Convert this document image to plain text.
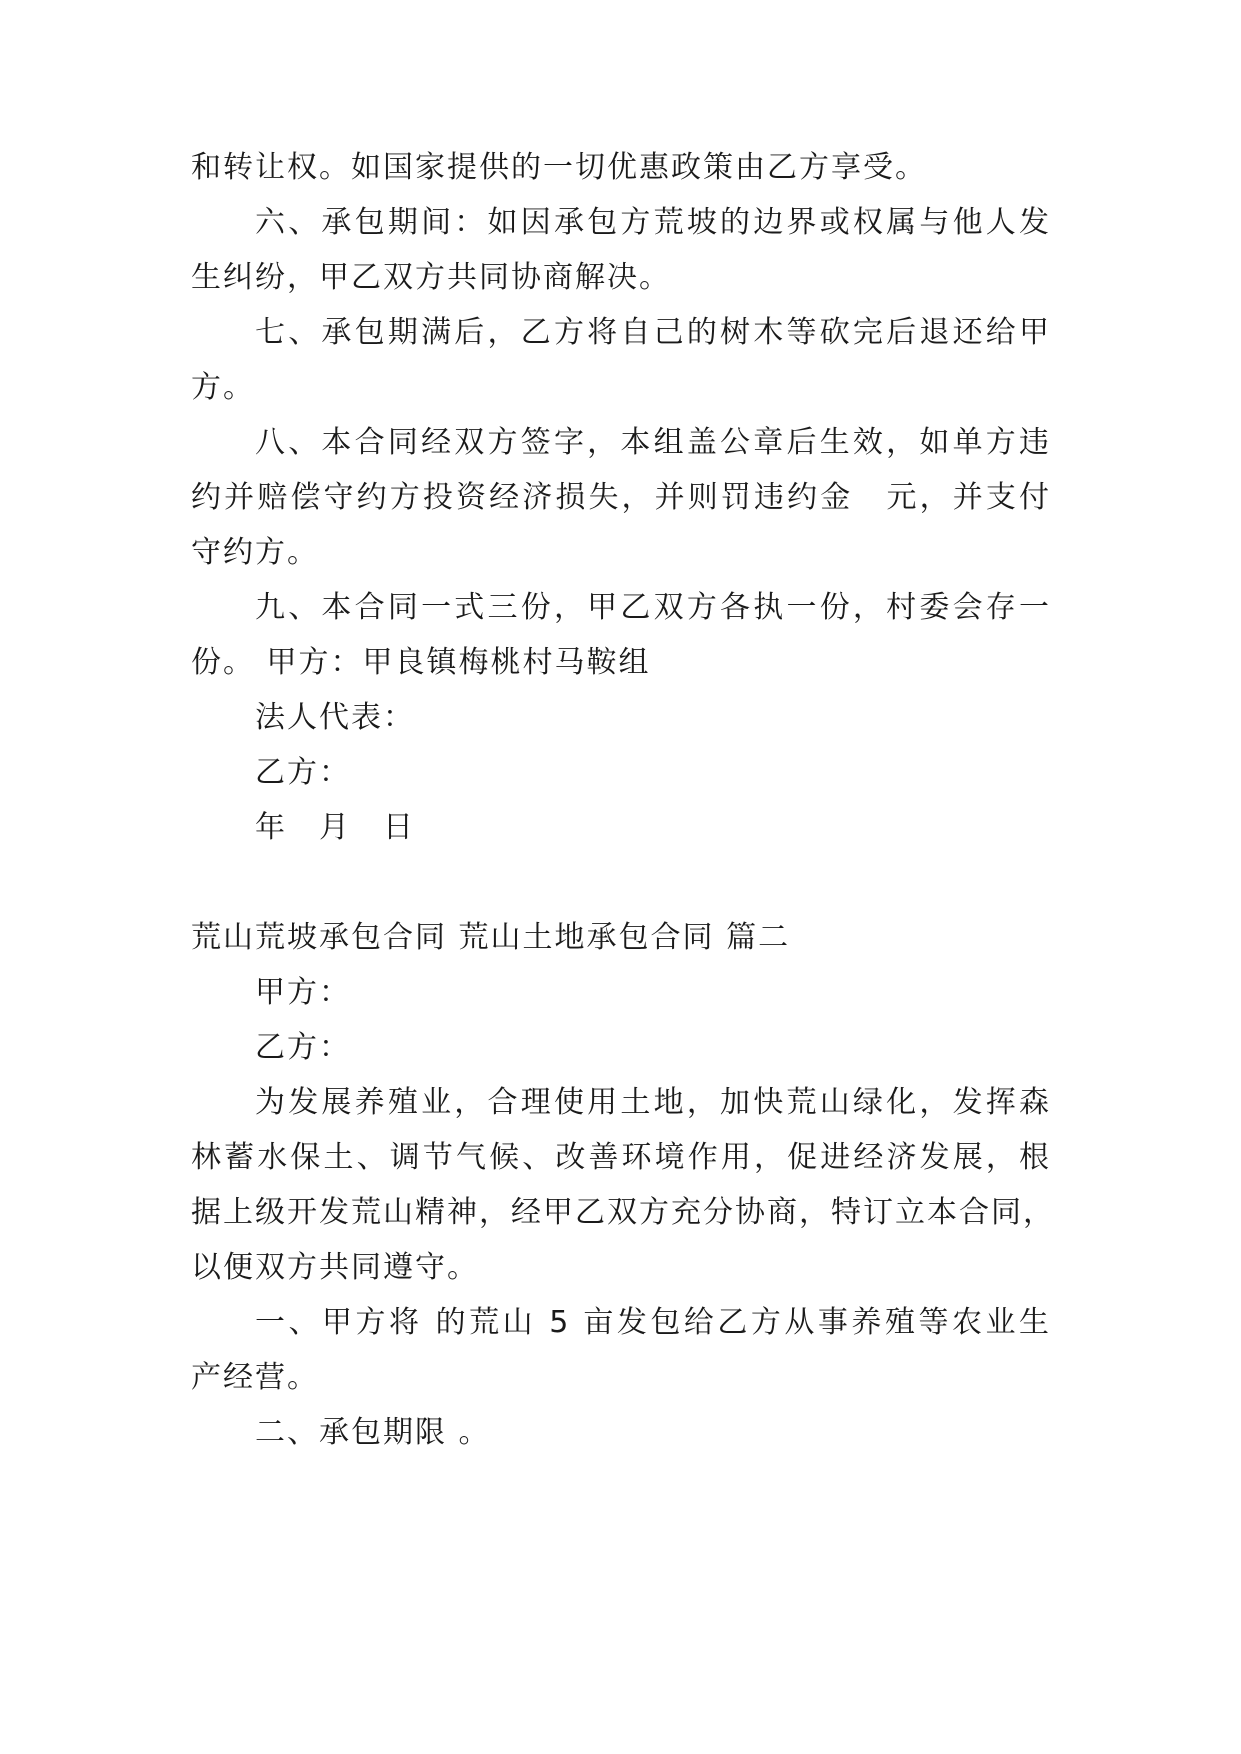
和转让权。如国家提供的一切优惠政策由乙方享受。
六、承包期间：如因承包方荒坡的边界或权属与他人发
生纠纷，甲乙双方共同协商解决。
七、承包期满后，乙方将自己的树木等砍完后退还给甲
方。
八、本合同经双方签字，本组盖公章后生效，如单方违
约并赔偿守约方投资经济损失，并则罚违约金　元，并支付
守约方。
九、本合同一式三份，甲乙双方各执一份，村委会存一
份。 甲方：甲良镇梅桃村马鞍组
法人代表：
乙方：
年　月　日
荒山荒坡承包合同 荒山土地承包合同 篇二
甲方：
乙方：
为发展养殖业，合理使用土地，加快荒山绿化，发挥森
林蓄水保土、调节气候、改善环境作用，促进经济发展，根
据上级开发荒山精神，经甲乙双方充分协商，特订立本合同，
以便双方共同遵守。
一、甲方将 的荒山 5 亩发包给乙方从事养殖等农业生
产经营。
二、承包期限 。
